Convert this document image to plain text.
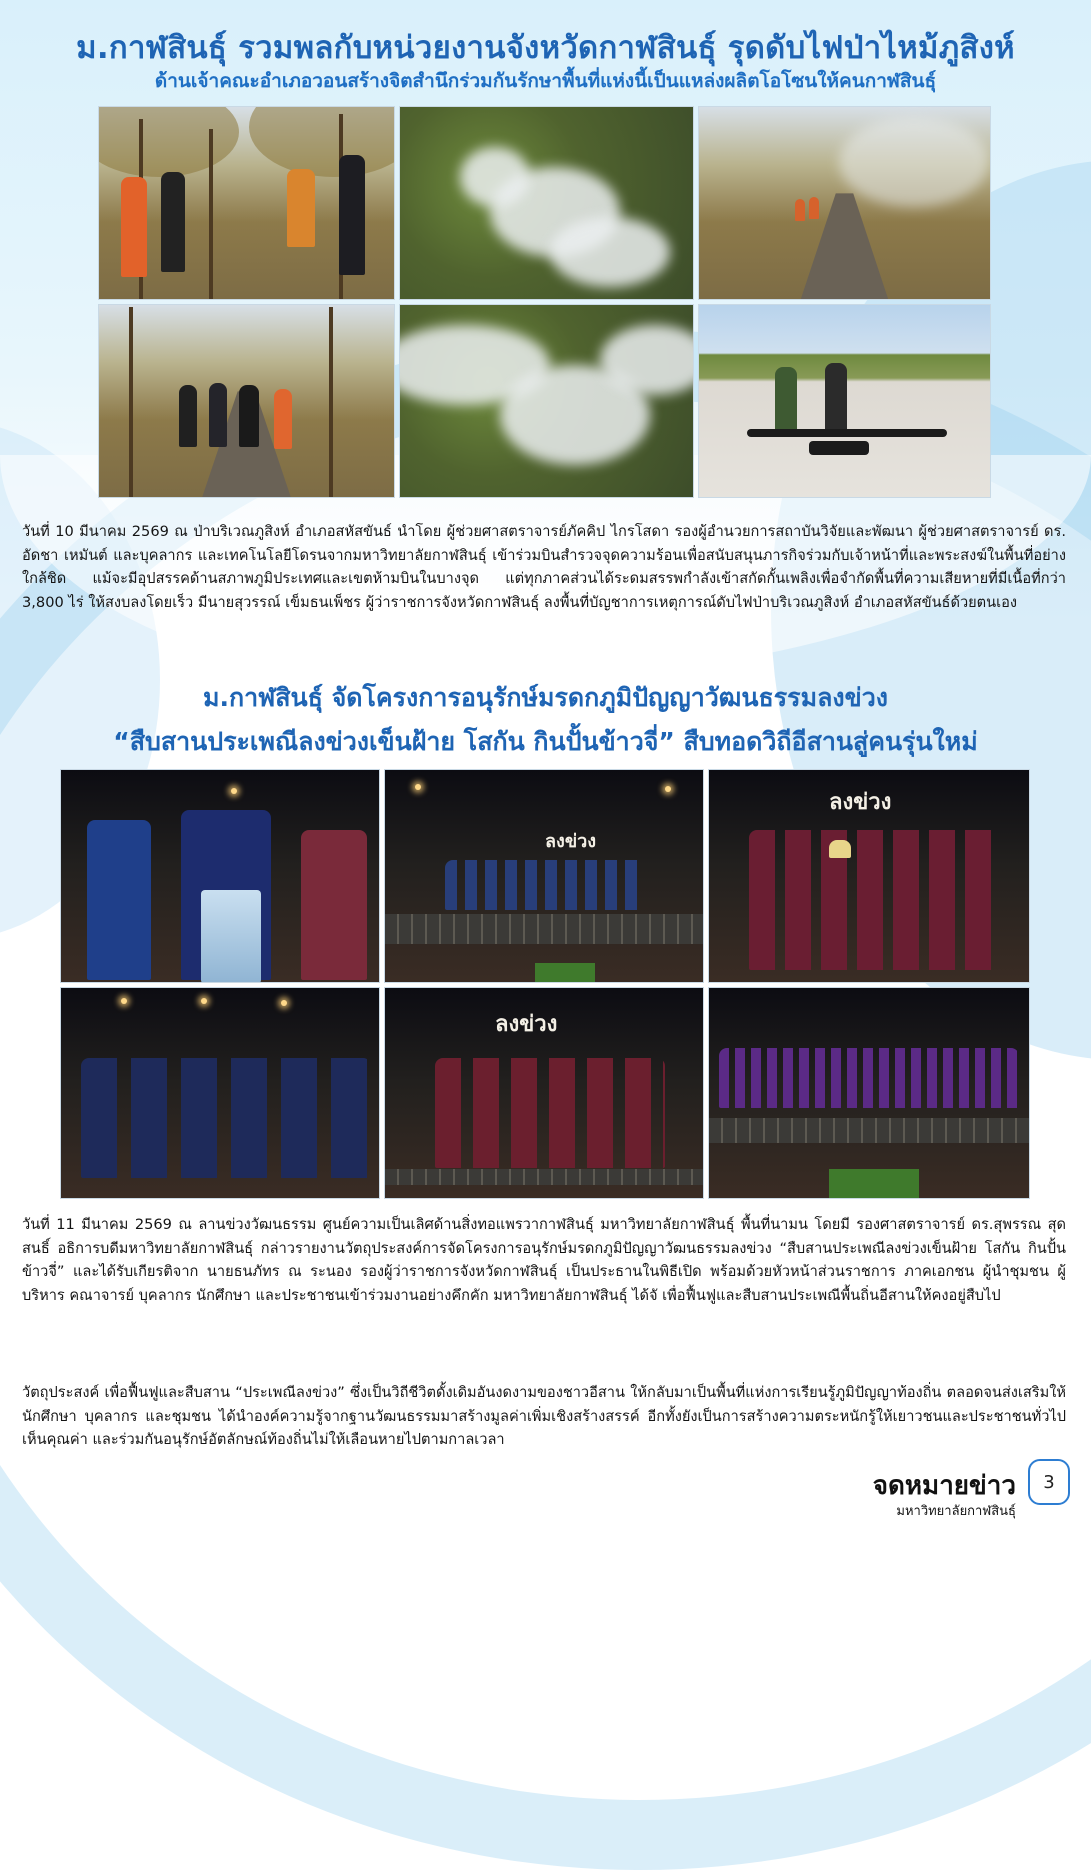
ม.กาฬสินธุ์ รวมพลกับหน่วยงานจังหวัดกาฬสินธุ์ รุดดับไฟป่าไหม้ภูสิงห์
ด้านเจ้าคณะอำเภอวอนสร้างจิตสำนึกร่วมกันรักษาพื้นที่แห่งนี้เป็นแหล่งผลิตโอโซนให้คนกาฬสินธุ์

วันที่ 10 มีนาคม 2569 ณ ป่าบริเวณภูสิงห์ อำเภอสหัสขันธ์ นำโดย ผู้ช่วยศาสตราจารย์ภัคคิป ไกรโสดา รองผู้อำนวยการสถาบันวิจัยและพัฒนา ผู้ช่วยศาสตราจารย์ ดร. อัดชา เหมันต์ และบุคลากร และเทคโนโลยีโดรนจากมหาวิทยาลัยกาฬสินธุ์ เข้าร่วมบินสำรวจจุดความร้อนเพื่อสนับสนุนภารกิจร่วมกับเจ้าหน้าที่และพระสงฆ์ในพื้นที่อย่างใกล้ชิด แม้จะมีอุปสรรคด้านสภาพภูมิประเทศและเขตห้ามบินในบางจุด แต่ทุกภาคส่วนได้ระดมสรรพกำลังเข้าสกัดกั้นเพลิงเพื่อจำกัดพื้นที่ความเสียหายที่มีเนื้อที่กว่า 3,800 ไร่ ให้สงบลงโดยเร็ว มีนายสุวรรณ์ เข็มธนเพ็ชร ผู้ว่าราชการจังหวัดกาฬสินธุ์ ลงพื้นที่บัญชาการเหตุการณ์ดับไฟป่าบริเวณภูสิงห์ อำเภอสหัสขันธ์ด้วยตนเอง

ม.กาฬสินธุ์ จัดโครงการอนุรักษ์มรดกภูมิปัญญาวัฒนธรรมลงข่วง
“สืบสานประเพณีลงข่วงเข็นฝ้าย โสกัน กินปั้นข้าวจี่” สืบทอดวิถีอีสานสู่คนรุ่นใหม่
ลงข่วง
ลงข่วง
ลงข่วง

วันที่ 11 มีนาคม 2569 ณ ลานข่วงวัฒนธรรม ศูนย์ความเป็นเลิศด้านสิ่งทอแพรวากาฬสินธุ์ มหาวิทยาลัยกาฬสินธุ์ พื้นที่นามน โดยมี รองศาสตราจารย์ ดร.สุพรรณ สุดสนธิ์ อธิการบดีมหาวิทยาลัยกาฬสินธุ์ กล่าวรายงานวัตถุประสงค์การจัดโครงการอนุรักษ์มรดกภูมิปัญญาวัฒนธรรมลงข่วง “สืบสานประเพณีลงข่วงเข็นฝ้าย โสกัน กินปั้นข้าวจี่” และได้รับเกียรติจาก นายธนภัทร ณ ระนอง รองผู้ว่าราชการจังหวัดกาฬสินธุ์ เป็นประธานในพิธีเปิด พร้อมด้วยหัวหน้าส่วนราชการ ภาคเอกชน ผู้นำชุมชน ผู้บริหาร คณาจารย์ บุคลากร นักศึกษา และประชาชนเข้าร่วมงานอย่างคึกคัก มหาวิทยาลัยกาฬสินธุ์ ได้จั เพื่อฟื้นฟูและสืบสานประเพณีพื้นถิ่นอีสานให้คงอยู่สืบไป

วัตถุประสงค์ เพื่อฟื้นฟูและสืบสาน “ประเพณีลงข่วง” ซึ่งเป็นวิถีชีวิตดั้งเดิมอันงดงามของชาวอีสาน ให้กลับมาเป็นพื้นที่แห่งการเรียนรู้ภูมิปัญญาท้องถิ่น ตลอดจนส่งเสริมให้นักศึกษา บุคลากร และชุมชน ได้นำองค์ความรู้จากฐานวัฒนธรรมมาสร้างมูลค่าเพิ่มเชิงสร้างสรรค์ อีกทั้งยังเป็นการสร้างความตระหนักรู้ให้เยาวชนและประชาชนทั่วไปเห็นคุณค่า และร่วมกันอนุรักษ์อัตลักษณ์ท้องถิ่นไม่ให้เลือนหายไปตามกาลเวลา

จดหมายข่าว
มหาวิทยาลัยกาฬสินธุ์
3
